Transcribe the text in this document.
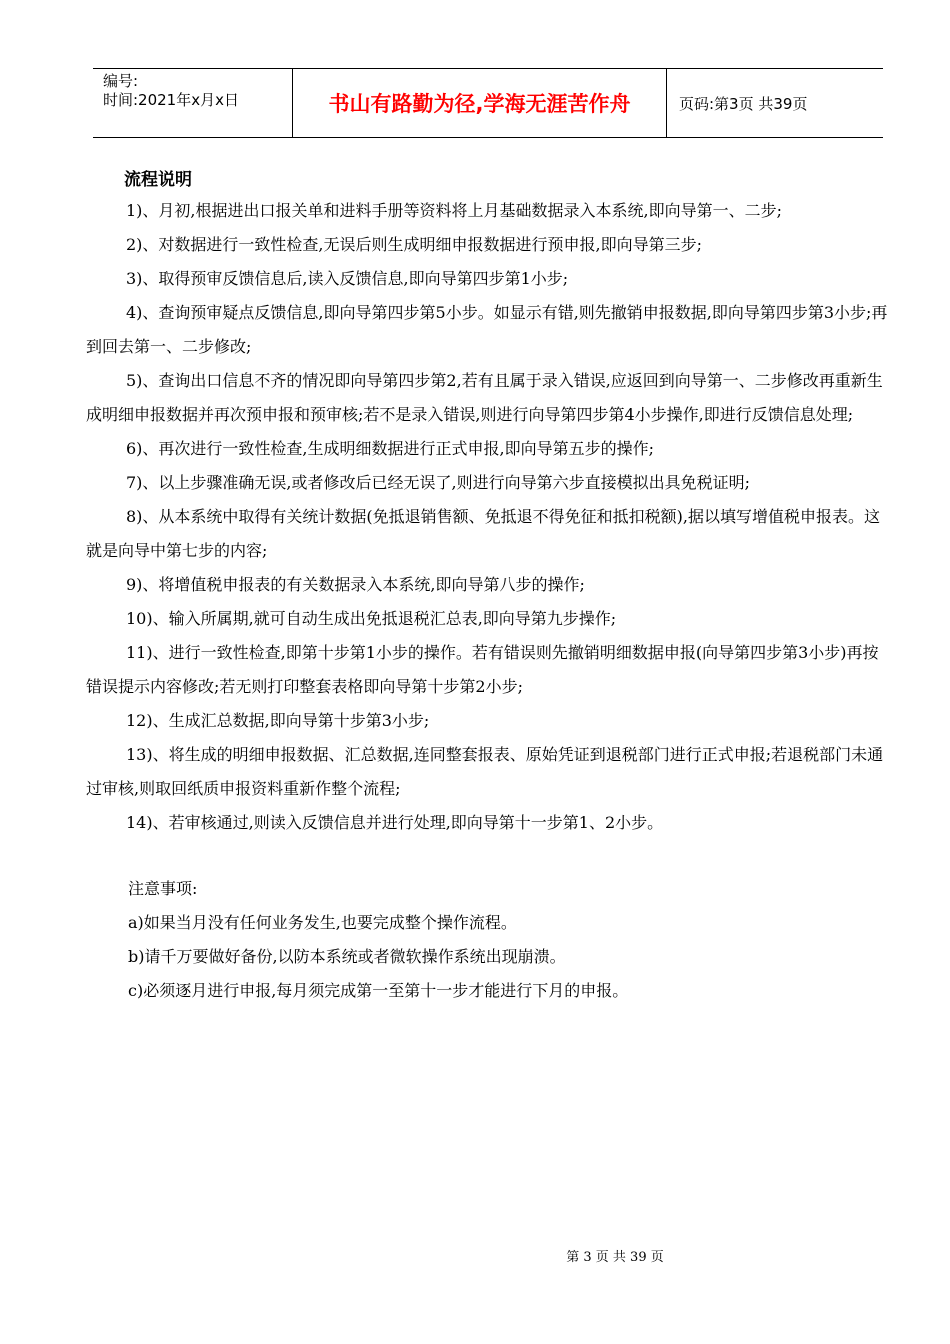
编号:
时间:2021年x月x日	书山有路勤为径,学海无涯苦作舟	页码:第3页 共39页
流程说明

1)、月初,根据进出口报关单和进料手册等资料将上月基础数据录入本系统,即向导第一、二步;

2)、对数据进行一致性检查,无误后则生成明细申报数据进行预申报,即向导第三步;

3)、取得预审反馈信息后,读入反馈信息,即向导第四步第1小步;

4)、查询预审疑点反馈信息,即向导第四步第5小步。如显示有错,则先撤销申报数据,即向导第四步第3小步;再到回去第一、二步修改;

5)、查询出口信息不齐的情况即向导第四步第2,若有且属于录入错误,应返回到向导第一、二步修改再重新生成明细申报数据并再次预申报和预审核;若不是录入错误,则进行向导第四步第4小步操作,即进行反馈信息处理;

6)、再次进行一致性检查,生成明细数据进行正式申报,即向导第五步的操作;

7)、以上步骤准确无误,或者修改后已经无误了,则进行向导第六步直接模拟出具免税证明;

8)、从本系统中取得有关统计数据(免抵退销售额、免抵退不得免征和抵扣税额),据以填写增值税申报表。这就是向导中第七步的内容;

9)、将增值税申报表的有关数据录入本系统,即向导第八步的操作;

10)、输入所属期,就可自动生成出免抵退税汇总表,即向导第九步操作;

11)、进行一致性检查,即第十步第1小步的操作。若有错误则先撤销明细数据申报(向导第四步第3小步)再按错误提示内容修改;若无则打印整套表格即向导第十步第2小步;

12)、生成汇总数据,即向导第十步第3小步;

13)、将生成的明细申报数据、汇总数据,连同整套报表、原始凭证到退税部门进行正式申报;若退税部门未通过审核,则取回纸质申报资料重新作整个流程;

14)、若审核通过,则读入反馈信息并进行处理,即向导第十一步第1、2小步。

注意事项:
a)如果当月没有任何业务发生,也要完成整个操作流程。
b)请千万要做好备份,以防本系统或者微软操作系统出现崩溃。
c)必须逐月进行申报,每月须完成第一至第十一步才能进行下月的申报。
第 3 页 共 39 页
